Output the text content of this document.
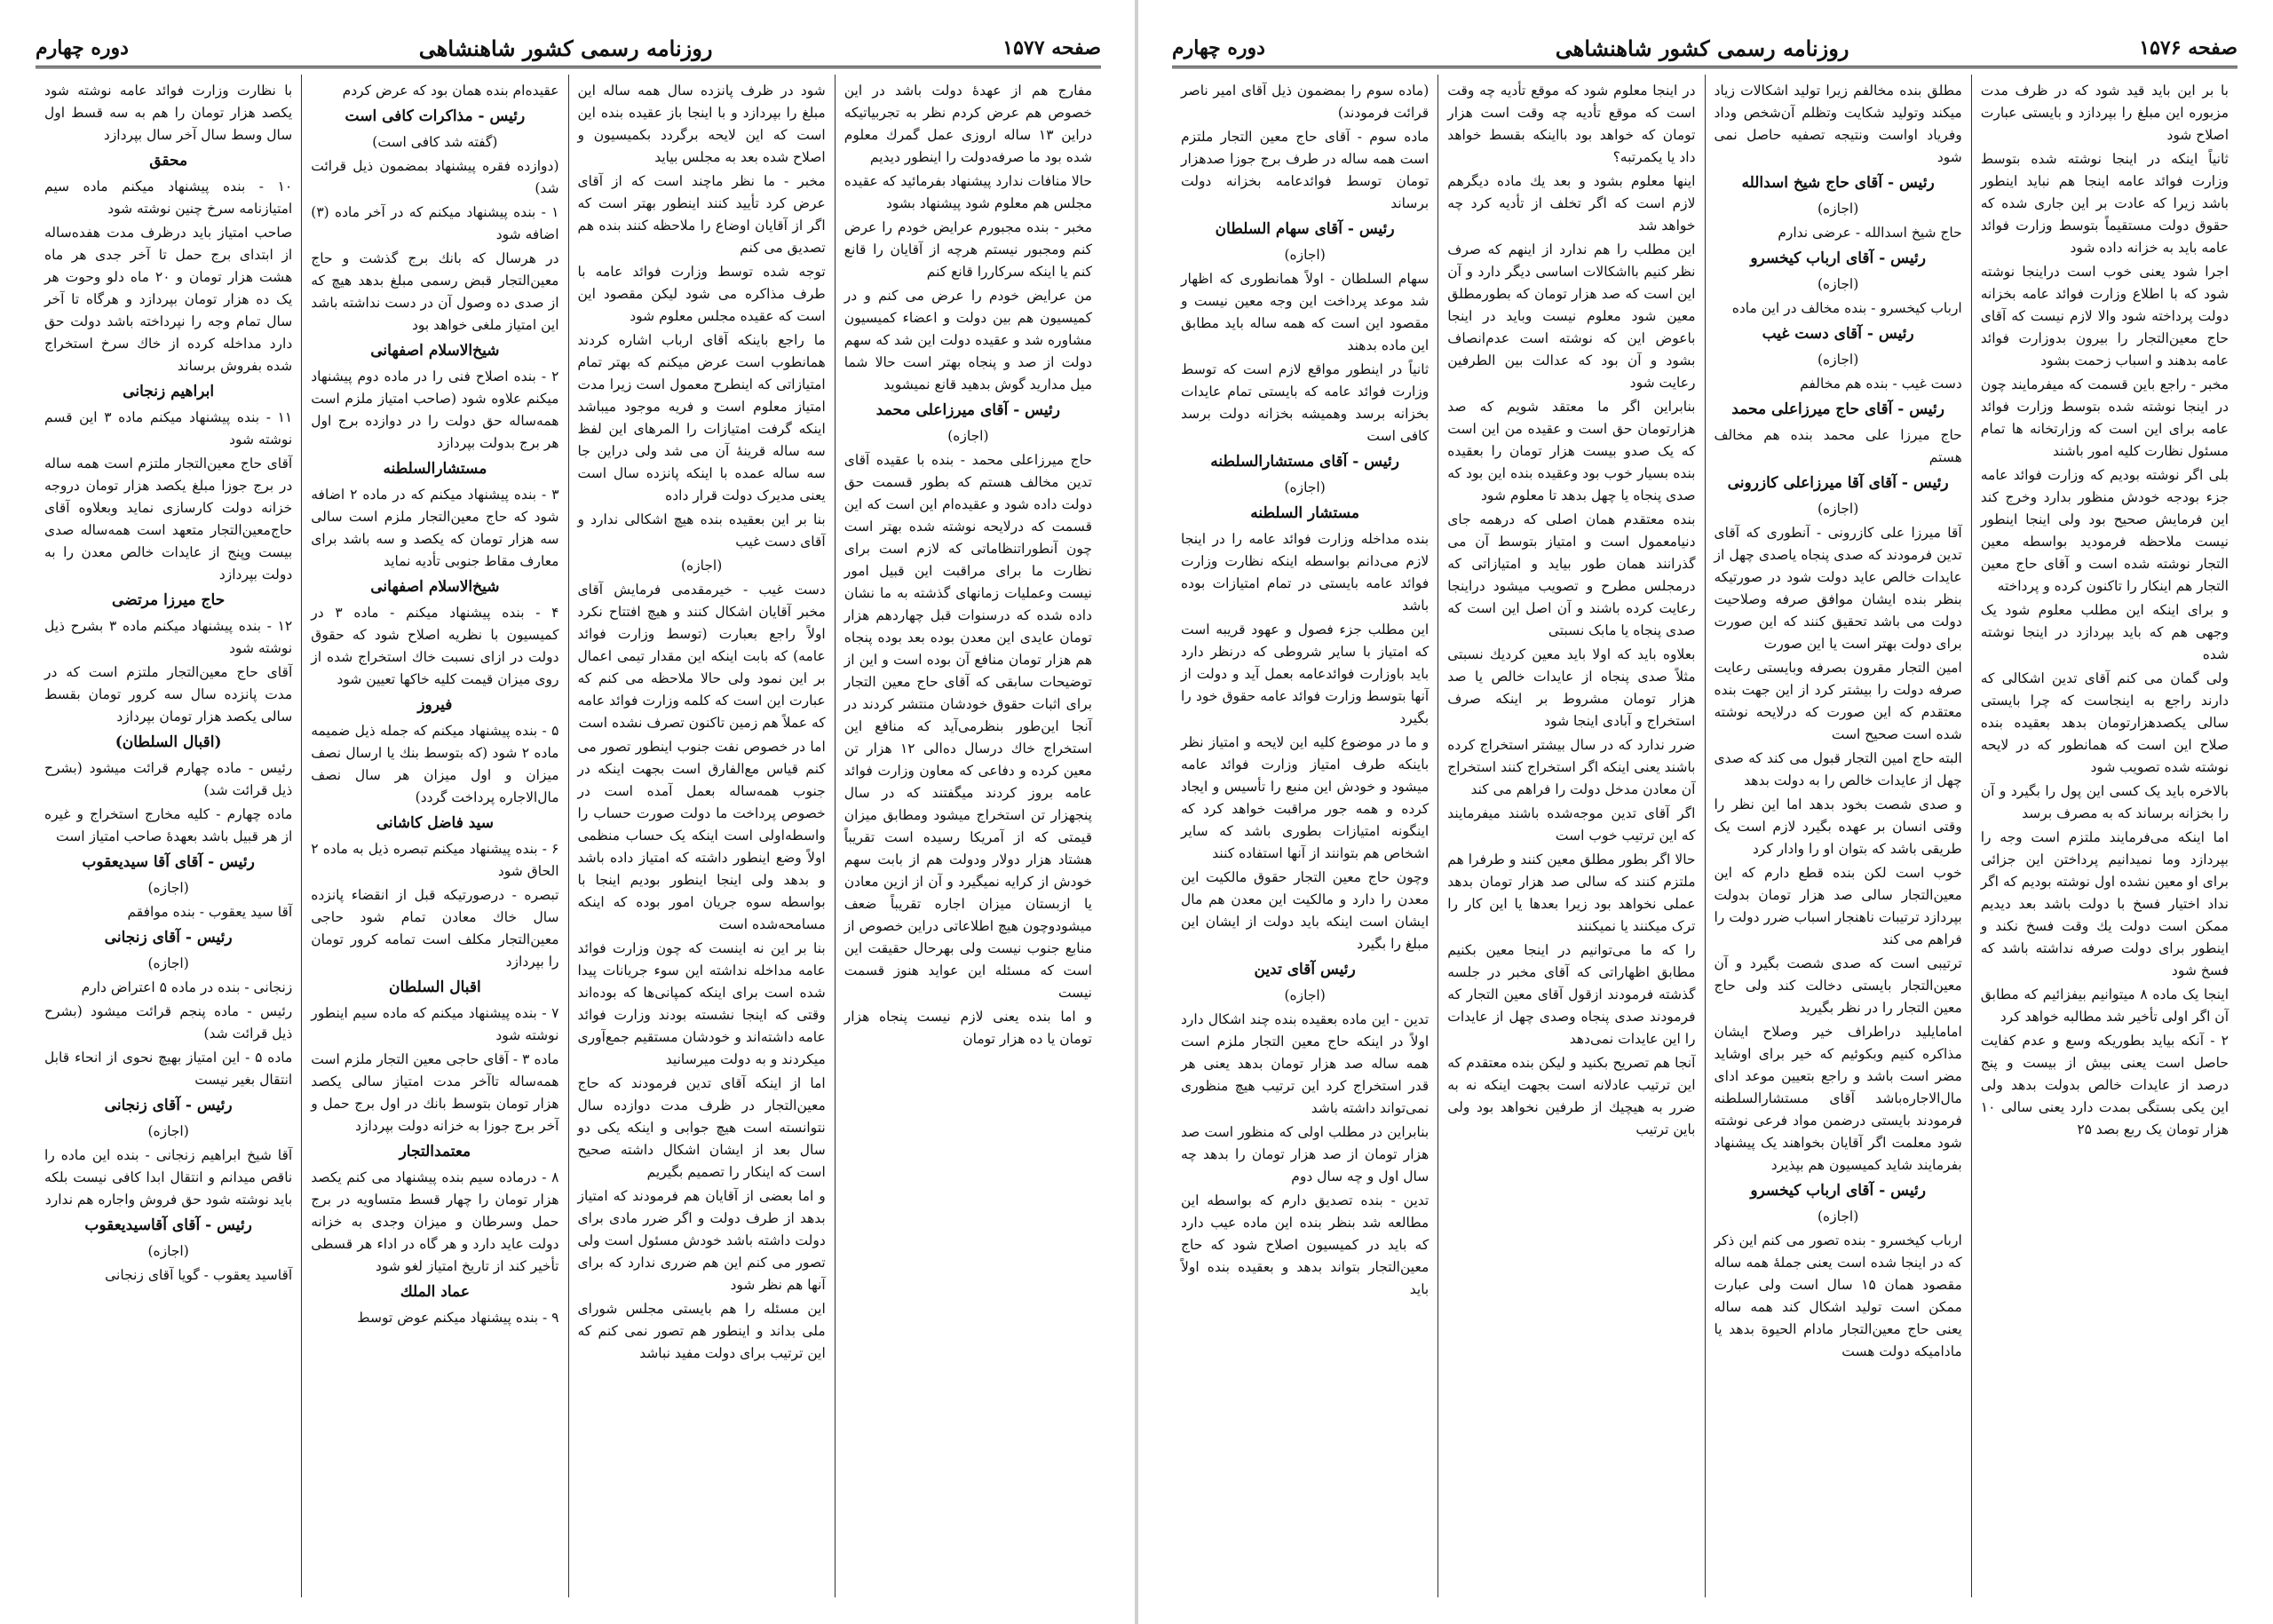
دوره چهارم	روزنامه رسمی کشور شاهنشاهی	صفحه ۱۵۷۷

مفارج هم از عهدهٔ دولت باشد در این خصوص هم عرض کردم نظر به تجربیاتیکه دراین ۱۳ ساله اروزی عمل گمرك معلوم شده بود ما صرفه‌دولت را اینطور دیدیم

حالا منافات ندارد پیشنهاد بفرمائید که عقیده مجلس هم معلوم شود پیشنهاد بشود

مخبر - بنده مجبورم عرایض خودم را عرض کنم ومجبور نیستم هرچه از آقایان را قانع کنم یا اینکه سرکاررا قانع کنم

من عرایض خودم را عرض می کنم و در کمیسیون هم بین دولت و اعضاء کمیسیون مشاوره شد و عقیده دولت این شد که سهم دولت از صد و پنجاه بهتر است حالا شما میل مدارید گوش بدهید قانع نمیشوید

رئیس - آقای میرزاعلی محمد
(اجازه)

حاج میرزاعلی محمد - بنده با عقیده آقای تدین مخالف هستم که بطور قسمت حق دولت داده شود و عقیده‌ام این است که این قسمت که درلایحه نوشته شده بهتر است چون آنطوراتنظاماتی که لازم است برای نظارت ما برای مراقبت این قبیل امور نیست وعملیات زمانهای گذشته به ما نشان داده شده که درسنوات قبل چهاردهم هزار تومان عایدی این معدن بوده بعد بوده پنجاه هم هزار تومان منافع آن بوده است و این از توضیحات سابقی که آقای حاج معین التجار برای اثبات حقوق خودشان منتشر کردند در آنجا این‌طور بنظرمی‌آید که منافع این استخراج خاك درسال ده‌الی ۱۲ هزار تن معین کرده و دفاعی که معاون وزارت فوائد عامه بروز کردند میگفتند که در سال پنجهزار تن استخراج میشود ومطابق میزان قیمتی که از آمریکا رسیده است تقریباً هشتاد هزار دولار ودولت هم از بابت سهم خودش از کرایه نمیگیرد و آن از ازین معادن یا ازبستان میزان اجاره تقریباً ضعف میشودوچون هیچ اطلاعاتی دراین خصوص از منابع جنوب نیست ولی بهرحال حقیقت این است که مسئله این عواید هنوز قسمت نیست

و اما بنده یعنی لازم نیست پنجاه هزار تومان یا ده هزار تومان

شود در ظرف پانزده سال همه ساله این مبلغ را بپردازد و با اینجا باز عقیده بنده این است که این لایحه برگردد بکمیسیون و اصلاح شده بعد به مجلس بیاید

مخبر - ما نظر ماچند است که از آقای عرض کرد تأیید کنند اینطور بهتر است که اگر از آقایان اوضاع را ملاحظه کنند بنده هم تصدیق می کنم

توجه شده توسط وزارت فوائد عامه با طرف مذاکره می شود لیکن مقصود این است که عقیده مجلس معلوم شود

ما راجع باینکه آقای ارباب اشاره کردند همانطوب است عرض میکنم که بهتر تمام امتیازاتی که اینطرح معمول است زیرا مدت امتیاز معلوم است و فریه موجود میباشد اینکه گرفت امتیازات را المرهای این لفظ سه ساله قرینهٔ آن می شد ولی دراین جا سه ساله عمده با اینکه پانزده سال است یعنی مدیرک دولت قرار داده

بنا بر این بعقیده بنده هیچ اشکالی ندارد و آقای دست غیب

(اجازه)

دست غیب - خیرمقدمی فرمایش آقای مخبر آقایان اشکال کنند و هیچ افتتاح نکرد اولاً راجع بعبارت (توسط وزارت فوائد عامه) که بابت اینکه این مقدار تیمی اعمال بر این نمود ولی حالا ملاحظه می کنم که عبارت این است که کلمه وزارت فوائد عامه که عملاً هم زمین تاکنون تصرف نشده است

اما در خصوص نفت جنوب اینطور تصور می کنم قیاس مع‌الفارق است بجهت اینکه در جنوب همه‌ساله بعمل آمده است در خصوص پرداخت ما دولت صورت حساب را واسطه‌اولی است اینکه یک حساب منظمی اولاً وضع اینطور داشته که امتیاز داده باشد و بدهد ولی اینجا اینطور بودیم اینجا با بواسطه سوه جریان امور بوده که اینکه مسامحه‌شده است

بنا بر این نه اینست که چون وزارت فوائد عامه مداخله نداشته این سوء جریانات پیدا شده است برای اینکه کمپانی‌ها که بوده‌اند وقتی که اینجا نشسته بودند وزارت فوائد عامه داشته‌اند و خودشان مستقیم جمع‌آوری میکردند و به دولت میرسانید

اما از اینکه آقای تدین فرمودند که حاج معین‌التجار در ظرف مدت دوازده سال نتوانسته است هیچ جوابی و اینکه یکی دو سال بعد از ایشان اشکال داشته صحیح است که اینکار را تصمیم بگیریم

و اما بعضی از آقایان هم فرمودند که امتیاز بدهد از طرف دولت و اگر ضرر مادی برای دولت داشته باشد خودش مسئول است ولی تصور می کنم این هم ضرری ندارد که برای آنها هم نظر شود

این مسئله را هم بایستی مجلس شورای ملی بداند و اینطور هم تصور نمی کنم که این ترتیب برای دولت مفید نباشد

عقیده‌ام بنده همان بود که عرض کردم

رئیس - مذاکرات کافی است
(گفته شد کافی است)

(دوازده فقره پیشنهاد بمضمون ذیل قرائت شد)

۱ - بنده پیشنهاد میکنم که در آخر ماده (۳) اضافه شود

در هرسال که بانك برج گذشت و حاج معین‌التجار قبض رسمی مبلغ بدهد هیچ که از صدی ده وصول آن در دست نداشته باشد این امتیاز ملغی خواهد بود

شیخ‌الاسلام اصفهانی

۲ - بنده اصلاح فنی را در ماده دوم پیشنهاد میکنم علاوه شود (صاحب امتیاز ملزم است همه‌ساله حق دولت را در دوازده برج اول هر برج بدولت بپردازد

مستشارالسلطنه

۳ - بنده پیشنهاد میکنم که در ماده ۲ اضافه شود که حاج معین‌التجار ملزم است سالی سه هزار تومان که یکصد و سه باشد برای معارف مقاط جنوبی تأدیه نماید

شیخ‌الاسلام اصفهانی

۴ - بنده پیشنهاد میکنم - ماده ۳ در کمیسیون با نظریه اصلاح شود که حقوق دولت در ازای نسبت خاك استخراج شده از روی میزان قیمت کلیه خاکها تعیین شود

فیروز

۵ - بنده پیشنهاد میکنم که جمله ذیل ضمیمه ماده ۲ شود (که بتوسط بنك یا ارسال نصف میزان و اول میزان هر سال نصف مال‌الاجاره پرداخت گردد)

سید فاضل کاشانی

۶ - بنده پیشنهاد میکنم تبصره ذیل به ماده ۲ الحاق شود

تبصره - درصورتیکه قبل از انقضاء پانزده سال خاك معادن تمام شود حاجی معین‌التجار مکلف است تمامه کرور تومان را بپردازد

اقبال السلطان

۷ - بنده پیشنهاد میکنم که ماده سیم اینطور نوشته شود

ماده ۳ - آقای حاجی معین التجار ملزم است همه‌ساله تاآخر مدت امتیاز سالی یکصد هزار تومان بتوسط بانك در اول برج حمل و آخر برج جوزا به خزانه دولت بپردازد

معتمدالتجار

۸ - درماده سیم بنده پیشنهاد می کنم یکصد هزار تومان را چهار قسط متساویه در برج حمل وسرطان و میزان وجدی به خزانه دولت عاید دارد و هر گاه در اداء هر قسطی تأخیر کند از تاریخ امتیاز لغو شود

عماد الملك

۹ - بنده پیشنهاد میکنم عوض توسط

با نظارت وزارت فوائد عامه نوشته شود یکصد هزار تومان را هم به سه قسط اول سال وسط سال آخر سال بپردازد

محقق

۱۰ - بنده پیشنهاد میکنم ماده سیم امتیازنامه سرخ چنین نوشته شود

صاحب امتیاز باید درظرف مدت هفده‌ساله از ابتدای برج حمل تا آخر جدی هر ماه هشت هزار تومان و ۲۰ ماه دلو وحوت هر یک ده هزار تومان بپردازد و هرگاه تا آخر سال تمام وجه را نپرداخته باشد دولت حق دارد مداخله کرده از خاك سرخ استخراج شده بفروش برساند

ابراهیم زنجانی

۱۱ - بنده پیشنهاد میکنم ماده ۳ این قسم نوشته شود

آقای حاج معین‌التجار ملتزم است همه ساله در برج جوزا مبلغ یکصد هزار تومان دروجه خزانه دولت کارسازی نماید وبعلاوه آقای حاج‌معین‌التجار متعهد است همه‌ساله صدی بیست وپنج از عایدات خالص معدن را به دولت بپردازد

حاج میرزا مرتضی

۱۲ - بنده پیشنهاد میکنم ماده ۳ بشرح ذیل نوشته شود

آقای حاج معین‌التجار ملتزم است که در مدت پانزده سال سه کرور تومان بقسط سالی یکصد هزار تومان بپردازد

(اقبال السلطان)

رئیس - ماده چهارم قرائت میشود (بشرح ذیل قرائت شد)

ماده چهارم - کلیه مخارج استخراج و غیره از هر قبیل باشد بعهدهٔ صاحب امتیاز است

رئیس - آقای آقا سیدیعقوب
(اجازه)

آقا سید یعقوب - بنده موافقم

رئیس - آقای زنجانی
(اجازه)

زنجانی - بنده در ماده ۵ اعتراض دارم

رئیس - ماده پنجم قرائت میشود (بشرح ذیل قرائت شد)

ماده ۵ - این امتیاز بهیچ نحوی از انحاء قابل انتقال بغیر نیست

رئیس - آقای زنجانی
(اجازه)

آقا شیخ ابراهیم زنجانی - بنده این ماده را ناقص میدانم و انتقال ابدا کافی نیست بلکه باید نوشته شود حق فروش واجاره هم ندارد

رئیس - آقای آقاسیدیعقوب
(اجازه)

آقاسید یعقوب - گویا آقای زنجانی

دوره چهارم	روزنامه رسمی کشور شاهنشاهی	صفحه ۱۵۷۶

با بر این باید قید شود که در ظرف مدت مزبوره این مبلغ را بپردازد و بایستی عبارت اصلاح شود

ثانیاً اینکه در اینجا نوشته شده بتوسط وزارت فوائد عامه اینجا هم نباید اینطور باشد زیرا که عادت بر این جاری شده که حقوق دولت مستقیماً بتوسط وزارت فوائد عامه باید به خزانه داده شود

اجرا شود یعنی خوب است دراینجا نوشته شود که با اطلاع وزارت فوائد عامه بخزانه دولت پرداخته شود والا لازم نیست که آقای حاج معین‌التجار را بیرون بدوزارت فوائد عامه بدهند و اسباب زحمت بشود

مخبر - راجع باین قسمت که میفرمایند چون در اینجا نوشته شده بتوسط وزارت فوائد عامه برای این است که وزارتخانه ها تمام مسئول نظارت کلیه امور باشند

بلی اگر نوشته بودیم که وزارت فوائد عامه جزء بودجه خودش منظور بدارد وخرج کند این فرمایش صحیح بود ولی اینجا اینطور نیست ملاحظه فرمودید بواسطه معین التجار نوشته شده است و آقای حاج معین التجار هم اینکار را تاکنون کرده و پرداخته

و برای اینکه این مطلب معلوم شود یک وجهی هم که باید بپردازد در اینجا نوشته شده

ولی گمان می کنم آقای تدین اشکالی که دارند راجع به اینجاست که چرا بایستی سالی یکصدهزارتومان بدهد بعقیده بنده صلاح این است که همانطور که در لایحه نوشته شده تصویب شود

بالاخره باید یک کسی این پول را بگیرد و آن را بخزانه برساند که به مصرف برسد

اما اینکه می‌فرمایند ملتزم است وجه را بپردازد وما نمیدانیم پرداختن این جزائی برای او معین نشده اول نوشته بودیم که اگر نداد اختیار فسخ با دولت باشد بعد دیدیم ممکن است دولت یك وقت فسخ نکند و اینطور برای دولت صرفه نداشته باشد که فسخ شود

اینجا یک ماده ۸ میتوانیم بیفزائیم که مطابق آن اگر اولی تأخیر شد مطالبه خواهد کرد

۲ - آنکه بیاید بطوریکه وسع و عدم کفایت حاصل است یعنی بیش از بیست و پنج درصد از عایدات خالص بدولت بدهد ولی این یکی بستگی بمدت دارد یعنی سالی ۱۰ هزار تومان یک ربع بصد ۲۵

مطلق بنده مخالفم زیرا تولید اشکالات زیاد میکند وتولید شکایت وتظلم آن‌شخص وداد وفریاد اواست ونتیجه تصفیه حاصل نمی شود

رئیس - آقای حاج شیخ اسدالله
(اجازه)

حاج شیخ اسدالله - عرضی ندارم

رئیس - آقای ارباب کیخسرو
(اجازه)

ارباب کیخسرو - بنده مخالف در این ماده

رئیس - آقای دست غیب
(اجازه)

دست غیب - بنده هم مخالفم

رئیس - آقای حاج میرزاعلی محمد

حاج میرزا علی محمد بنده هم مخالف هستم

رئیس - آقای آقا میرزاعلی کازرونی
(اجازه)

آقا میرزا علی کازرونی - آنطوری که آقای تدین فرمودند که صدی پنجاه یاصدی چهل از عایدات خالص عاید دولت شود در صورتیکه بنظر بنده ایشان موافق صرفه وصلاحیت دولت می باشد تحقیق کنند که این صورت برای دولت بهتر است یا این صورت

امین التجار مقرون بصرفه وبایستی رعایت صرفه دولت را بیشتر کرد از این جهت بنده معتقدم که این صورت که درلایحه نوشته شده است صحیح است

البته حاج امین التجار قبول می کند که صدی چهل از عایدات خالص را به دولت بدهد

و صدی شصت بخود بدهد اما این نظر را وقتی انسان بر عهده بگیرد لازم است یک طریقی باشد که بتوان او را وادار کرد

خوب است لکن بنده قطع دارم که این معین‌التجار سالی صد هزار تومان بدولت بپردازد ترتیبات ناهنجار اسباب ضرر دولت را فراهم می کند

ترتیبی است که صدی شصت بگیرد و آن معین‌التجار بایستی دخالت کند ولی حاج معین التجار را در نظر بگیرید

امامایلید دراطراف خیر وصلاح ایشان مذاکره کنیم وبکوئیم که خیر برای اوشاید مضر است باشد و راجع بتعیین موعد ادای مال‌الاجاره‌باشد آقای مستشارالسلطنه فرمودند بایستی درضمن مواد فرعی نوشته شود معلمت اگر آقایان بخواهند یک پیشنهاد بفرمایند شاید کمیسیون هم بپذیرد

رئیس - آقای ارباب کیخسرو
(اجازه)

ارباب کیخسرو - بنده تصور می کنم این ذکر که در اینجا شده است یعنی جملهٔ همه ساله مقصود همان ۱۵ سال است ولی عبارت ممکن است تولید اشکال کند همه ساله یعنی حاج معین‌التجار مادام الحیوة بدهد یا مادامیکه دولت هست

در اینجا معلوم شود که موقع تأدیه چه وقت است که موقع تأدیه چه وقت است هزار تومان که خواهد بود بااینکه بقسط خواهد داد یا یکمرتبه؟

اینها معلوم بشود و بعد یك ماده دیگرهم لازم است که اگر تخلف از تأدیه کرد چه خواهد شد

این مطلب را هم ندارد از اینهم که صرف نظر کنیم بااشکالات اساسی دیگر دارد و آن این است که صد هزار تومان که بطورمطلق معین شود معلوم نیست وباید در اینجا باعوض این که نوشته است عدم‌انصاف بشود و آن بود که عدالت بین الطرفین رعایت شود

بنابراین اگر ما معتقد شویم که صد هزارتومان حق است و عقیده من این است که یک صدو بیست هزار تومان را بعقیده بنده بسیار خوب بود وعقیده بنده این بود که صدی پنجاه یا چهل بدهد تا معلوم شود

بنده معتقدم همان اصلی که درهمه جای دنیامعمول است و امتیاز بتوسط آن می گذرانند همان طور بیاید و امتیازاتی که درمجلس مطرح و تصویب میشود دراینجا رعایت کرده باشند و آن اصل این است که صدی پنجاه یا مابک نسبتی

بعلاوه باید که اولا باید معین کردیك نسبتی مثلاً صدی پنجاه از عایدات خالص یا صد هزار تومان مشروط بر اینکه صرف استخراج و آبادی اینجا شود

ضرر ندارد که در سال بیشتر استخراج کرده باشند یعنی اینکه اگر استخراج کنند استخراج آن معادن مدخل دولت را فراهم می کند

اگر آقای تدین موجه‌شده باشند میفرمایند که این ترتیب خوب است

حالا اگر بطور مطلق معین کنند و طرفرا هم ملتزم کنند که سالی صد هزار تومان بدهد عملی نخواهد بود زیرا بعدها یا این کار را ترک میکنند یا نمیکنند

را که ما می‌توانیم در اینجا معین بکنیم مطابق اظهاراتی که آقای مخبر در جلسه گذشته فرمودند ازقول آقای معین التجار که فرمودند صدی پنجاه وصدی چهل از عایدات را این عایدات نمی‌دهد

آنجا هم تصریح بکنید و لیکن بنده معتقدم که این ترتیب عادلانه است بجهت اینکه نه به ضرر به هیچیك از طرفین نخواهد بود ولی باین ترتیب

(ماده سوم را بمضمون ذیل آقای امیر ناصر قرائت فرمودند)

ماده سوم - آقای حاج معین التجار ملتزم است همه ساله در طرف برج جوزا صدهزار تومان توسط فوائدعامه بخزانه دولت برساند

رئیس - آقای سهام السلطان
(اجازه)

سهام السلطان - اولاً همانطوری که اظهار شد موعد پرداخت این وجه معین نیست و مقصود این است که همه ساله باید مطابق این ماده بدهند

ثانیاً در اینطور مواقع لازم است که توسط وزارت فوائد عامه که بایستی تمام عایدات بخزانه برسد وهمیشه بخزانه دولت برسد کافی است

رئیس - آقای مستشارالسلطنه
(اجازه)
مستشار السلطنه

بنده مداخله وزارت فوائد عامه را در اینجا لازم می‌دانم بواسطه اینکه نظارت وزارت فوائد عامه بایستی در تمام امتیازات بوده باشد

این مطلب جزء فصول و عهود قریبه است که امتیاز با سایر شروطی که درنظر دارد باید باوزارت فوائدعامه بعمل آید و دولت از آنها بتوسط وزارت فوائد عامه حقوق خود را بگیرد

و ما در موضوع کلیه این لایحه و امتیاز نظر باینکه طرف امتیاز وزارت فوائد عامه میشود و خودش این منبع را تأسیس و ایجاد کرده و همه جور مراقبت خواهد کرد که اینگونه امتیازات بطوری باشد که سایر اشخاص هم بتوانند از آنها استفاده کنند

وچون حاج معین التجار حقوق مالکیت این معدن را دارد و مالکیت این معدن هم مال ایشان است اینکه باید دولت از ایشان این مبلغ را بگیرد

رئیس آقای تدین
(اجازه)

تدین - این ماده بعقیده بنده چند اشکال دارد اولاً در اینکه حاج معین التجار ملزم است همه ساله صد هزار تومان بدهد یعنی هر قدر استخراج کرد این ترتیب هیچ منظوری نمی‌تواند داشته باشد

بنابراین در مطلب اولی که منظور است صد هزار تومان از صد هزار تومان را بدهد چه سال اول و چه سال دوم

تدین - بنده تصدیق دارم که بواسطه این مطالعه شد بنظر بنده این ماده عیب دارد که باید در کمیسیون اصلاح شود که حاج معین‌التجار بتواند بدهد و بعقیده بنده اولاً باید
